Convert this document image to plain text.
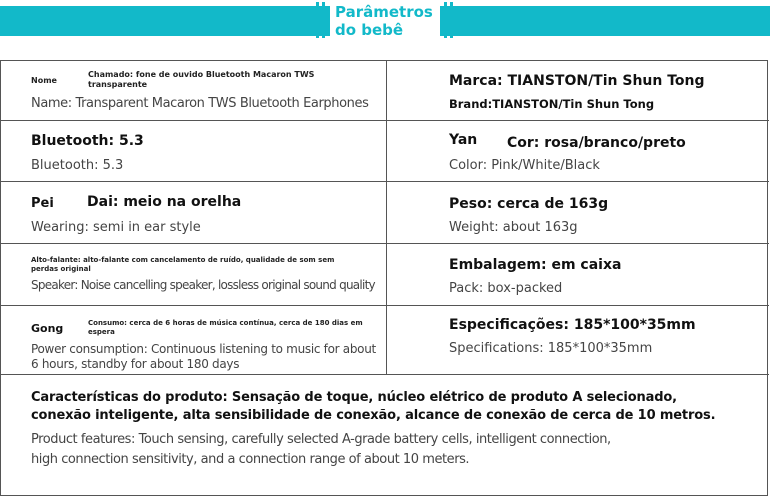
Parâmetros
do bebê
Nome
Chamado: fone de ouvido Bluetooth Macaron TWS
transparente
Name: Transparent Macaron TWS Bluetooth Earphones
Marca: TIANSTON/Tin Shun Tong
Brand:TIANSTON/Tin Shun Tong
Bluetooth: 5.3
Bluetooth: 5.3
Yan Cor: rosa/branco/preto
Color: Pink/White/Black
Pei Dai: meio na orelha
Wearing: semi in ear style
Peso: cerca de 163g
Weight: about 163g
Alto-falante: alto-falante com cancelamento de ruído, qualidade de som sem
perdas original
Speaker: Noise cancelling speaker, lossless original sound quality
Embalagem: em caixa
Pack: box-packed
Gong	Consumo: cerca de 6 horas de música contínua, cerca de 180 dias em
espera
Power consumption: Continuous listening to music for about
6 hours, standby for about 180 days
Especificações: 185*100*35mm
Specifications: 185*100*35mm
Características do produto: Sensação de toque, núcleo elétrico de produto A selecionado,
conexão inteligente, alta sensibilidade de conexão, alcance de conexão de cerca de 10 metros.
Product features: Touch sensing, carefully selected A-grade battery cells, intelligent connection,
high connection sensitivity, and a connection range of about 10 meters.
